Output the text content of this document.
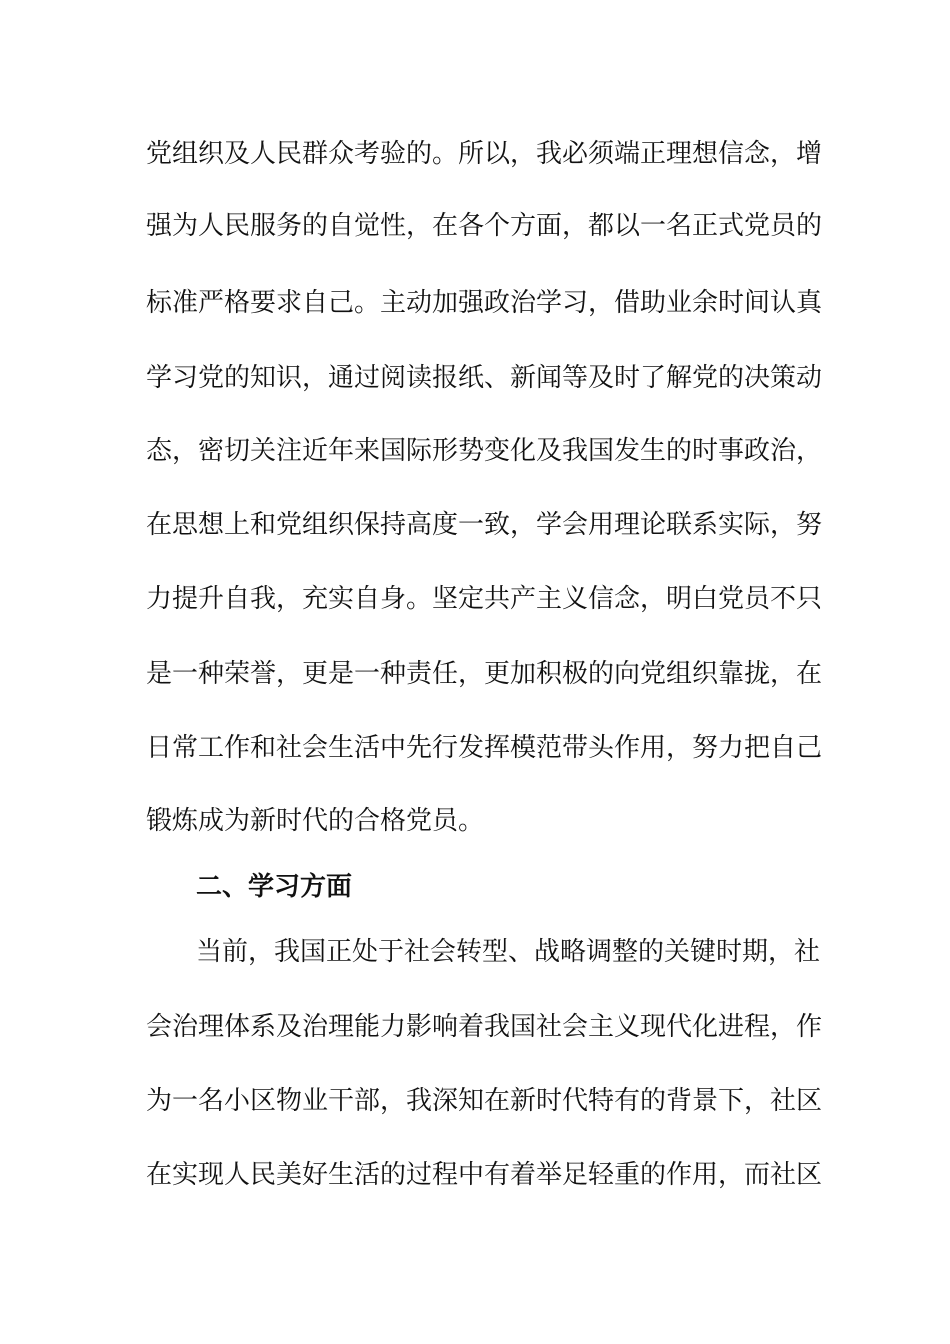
党组织及人民群众考验的。所以，我必须端正理想信念，增
强为人民服务的自觉性，在各个方面，都以一名正式党员的
标准严格要求自己。主动加强政治学习，借助业余时间认真
学习党的知识，通过阅读报纸、新闻等及时了解党的决策动
态，密切关注近年来国际形势变化及我国发生的时事政治，
在思想上和党组织保持高度一致，学会用理论联系实际，努
力提升自我，充实自身。坚定共产主义信念，明白党员不只
是一种荣誉，更是一种责任，更加积极的向党组织靠拢，在
日常工作和社会生活中先行发挥模范带头作用，努力把自己
锻炼成为新时代的合格党员。
二、学习方面
当前，我国正处于社会转型、战略调整的关键时期，社
会治理体系及治理能力影响着我国社会主义现代化进程，作
为一名小区物业干部，我深知在新时代特有的背景下，社区
在实现人民美好生活的过程中有着举足轻重的作用，而社区
